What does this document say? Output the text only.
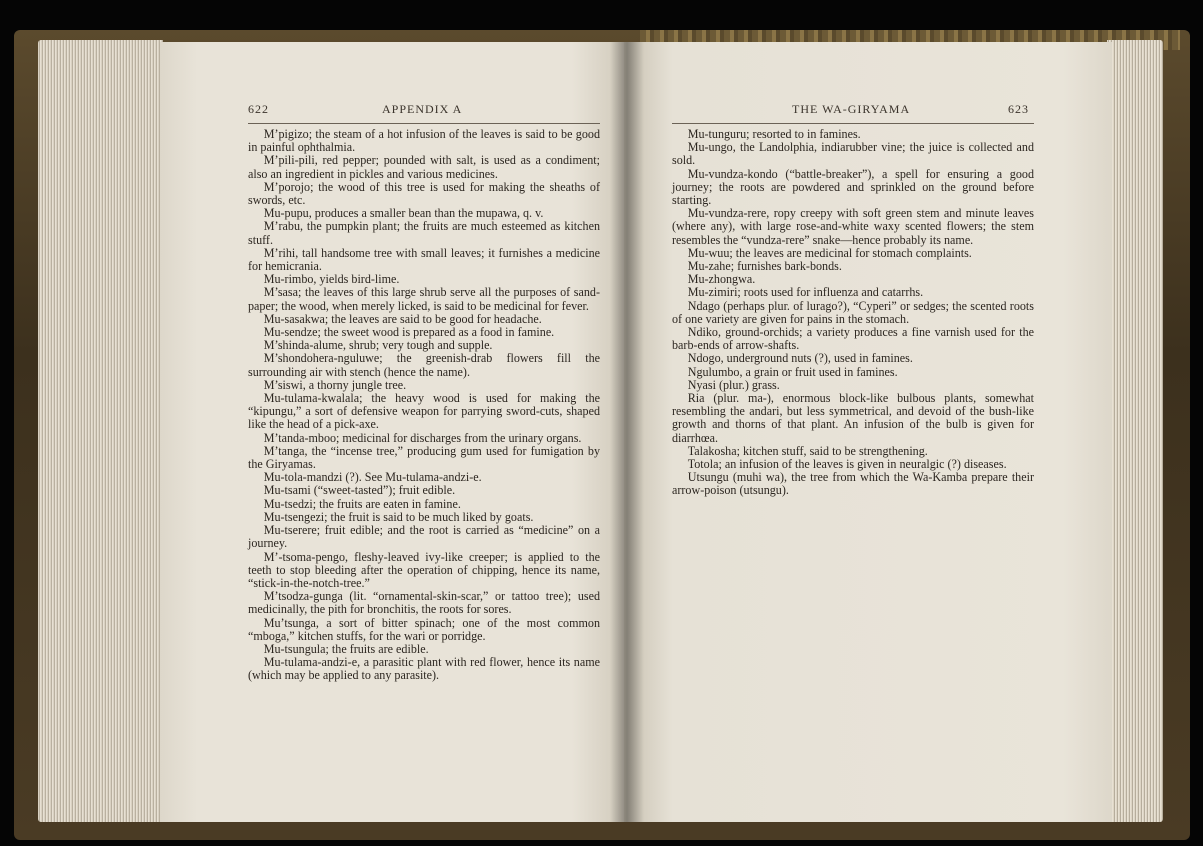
622	APPENDIX A

M’pigizo; the steam of a hot infusion of the leaves is said to be good in painful ophthalmia.

M’pili-pili, red pepper; pounded with salt, is used as a condiment; also an ingredient in pickles and various medicines.

M’porojo; the wood of this tree is used for making the sheaths of swords, etc.

Mu-pupu, produces a smaller bean than the mupawa, q. v.

M’rabu, the pumpkin plant; the fruits are much esteemed as kitchen stuff.

M’rihi, tall handsome tree with small leaves; it furnishes a medicine for hemicrania.

Mu-rimbo, yields bird-lime.

M’sasa; the leaves of this large shrub serve all the purposes of sand-paper; the wood, when merely licked, is said to be medicinal for fever.

Mu-sasakwa; the leaves are said to be good for headache.

Mu-sendze; the sweet wood is prepared as a food in famine.

M’shinda-alume, shrub; very tough and supple.

M’shondohera-nguluwe; the greenish-drab flowers fill the surrounding air with stench (hence the name).

M’siswi, a thorny jungle tree.

Mu-tulama-kwalala; the heavy wood is used for making the “kipungu,” a sort of defensive weapon for parrying sword-cuts, shaped like the head of a pick-axe.

M’tanda-mboo; medicinal for discharges from the urinary organs.

M’tanga, the “incense tree,” producing gum used for fumigation by the Giryamas.

Mu-tola-mandzi (?). See Mu-tulama-andzi-e.

Mu-tsami (“sweet-tasted”); fruit edible.

Mu-tsedzi; the fruits are eaten in famine.

Mu-tsengezi; the fruit is said to be much liked by goats.

Mu-tserere; fruit edible; and the root is carried as “medicine” on a journey.

M’-tsoma-pengo, fleshy-leaved ivy-like creeper; is applied to the teeth to stop bleeding after the operation of chipping, hence its name, “stick-in-the-notch-tree.”

M’tsodza-gunga (lit. “ornamental-skin-scar,” or tattoo tree); used medicinally, the pith for bronchitis, the roots for sores.

Mu’tsunga, a sort of bitter spinach; one of the most common “mboga,” kitchen stuffs, for the wari or porridge.

Mu-tsungula; the fruits are edible.

Mu-tulama-andzi-e, a parasitic plant with red flower, hence its name (which may be applied to any parasite).

THE WA-GIRYAMA	623

Mu-tunguru; resorted to in famines.

Mu-ungo, the Landolphia, indiarubber vine; the juice is collected and sold.

Mu-vundza-kondo (“battle-breaker”), a spell for ensuring a good journey; the roots are powdered and sprinkled on the ground before starting.

Mu-vundza-rere, ropy creepy with soft green stem and minute leaves (where any), with large rose-and-white waxy scented flowers; the stem resembles the “vundza-rere” snake—hence probably its name.

Mu-wuu; the leaves are medicinal for stomach complaints.

Mu-zahe; furnishes bark-bonds.

Mu-zhongwa.

Mu-zimiri; roots used for influenza and catarrhs.

Ndago (perhaps plur. of lurago?), “Cyperi” or sedges; the scented roots of one variety are given for pains in the stomach.

Ndiko, ground-orchids; a variety produces a fine varnish used for the barb-ends of arrow-shafts.

Ndogo, underground nuts (?), used in famines.

Ngulumbo, a grain or fruit used in famines.

Nyasi (plur.) grass.

Ria (plur. ma-), enormous block-like bulbous plants, somewhat resembling the andari, but less symmetrical, and devoid of the bush-like growth and thorns of that plant. An infusion of the bulb is given for diarrhœa.

Talakosha; kitchen stuff, said to be strengthening.

Totola; an infusion of the leaves is given in neuralgic (?) diseases.

Utsungu (muhi wa), the tree from which the Wa-Kamba prepare their arrow-poison (utsungu).
